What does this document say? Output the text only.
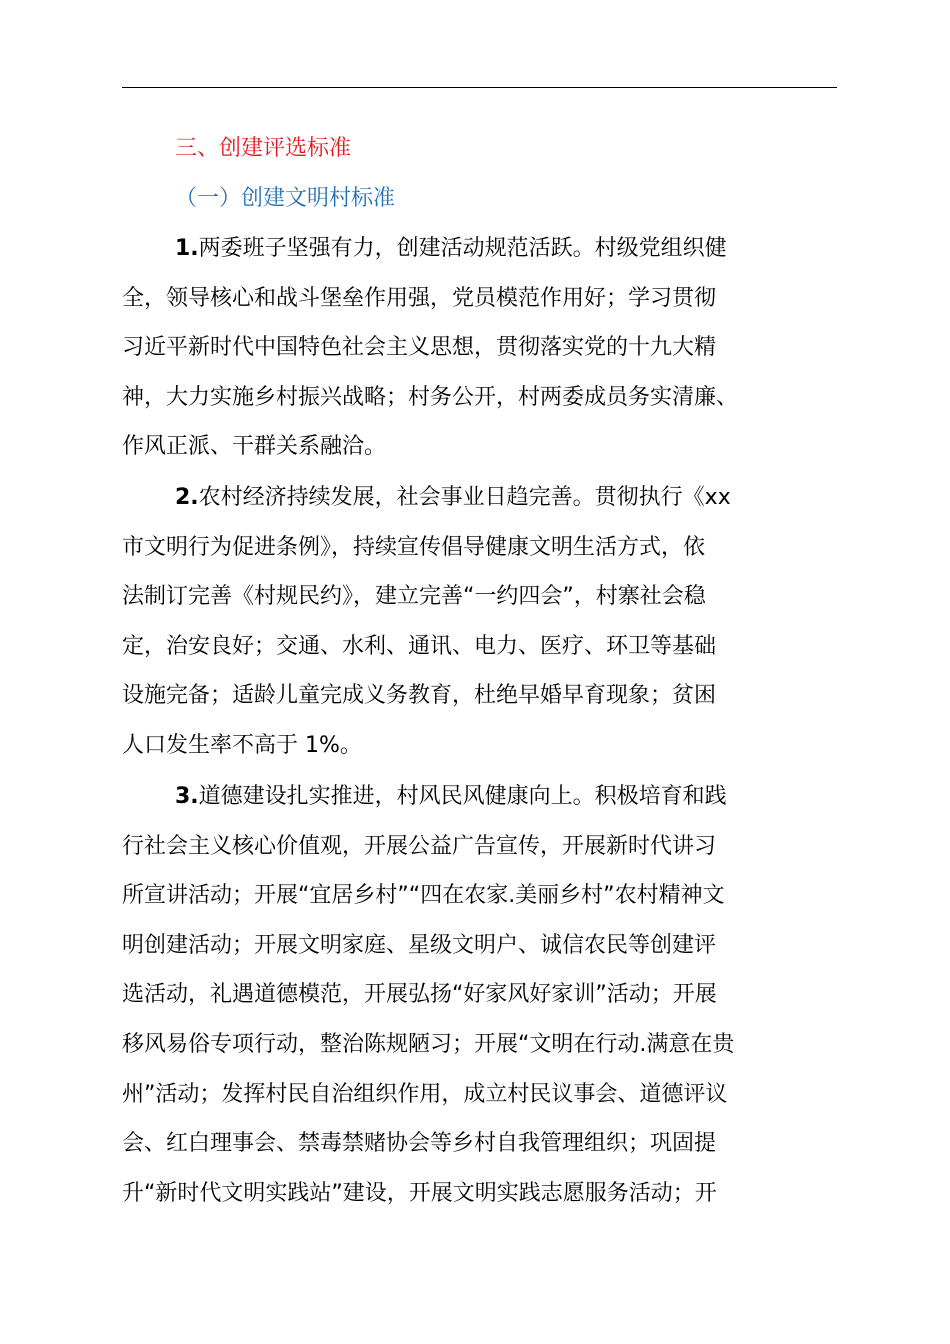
三、创建评选标准
（一）创建文明村标准
1.两委班子坚强有力，创建活动规范活跃。村级党组织健
全，领导核心和战斗堡垒作用强，党员模范作用好；学习贯彻
习近平新时代中国特色社会主义思想，贯彻落实党的十九大精
神，大力实施乡村振兴战略；村务公开，村两委成员务实清廉、
作风正派、干群关系融洽。
2.农村经济持续发展，社会事业日趋完善。贯彻执行《xx
市文明行为促进条例》，持续宣传倡导健康文明生活方式，依
法制订完善《村规民约》，建立完善“一约四会”，村寨社会稳
定，治安良好；交通、水利、通讯、电力、医疗、环卫等基础
设施完备；适龄儿童完成义务教育，杜绝早婚早育现象；贫困
人口发生率不高于 1%。
3.道德建设扎实推进，村风民风健康向上。积极培育和践
行社会主义核心价值观，开展公益广告宣传，开展新时代讲习
所宣讲活动；开展“宜居乡村”“四在农家.美丽乡村”农村精神文
明创建活动；开展文明家庭、星级文明户、诚信农民等创建评
选活动，礼遇道德模范，开展弘扬“好家风好家训”活动；开展
移风易俗专项行动，整治陈规陋习；开展“文明在行动.满意在贵
州”活动；发挥村民自治组织作用，成立村民议事会、道德评议
会、红白理事会、禁毒禁赌协会等乡村自我管理组织；巩固提
升“新时代文明实践站”建设，开展文明实践志愿服务活动；开
